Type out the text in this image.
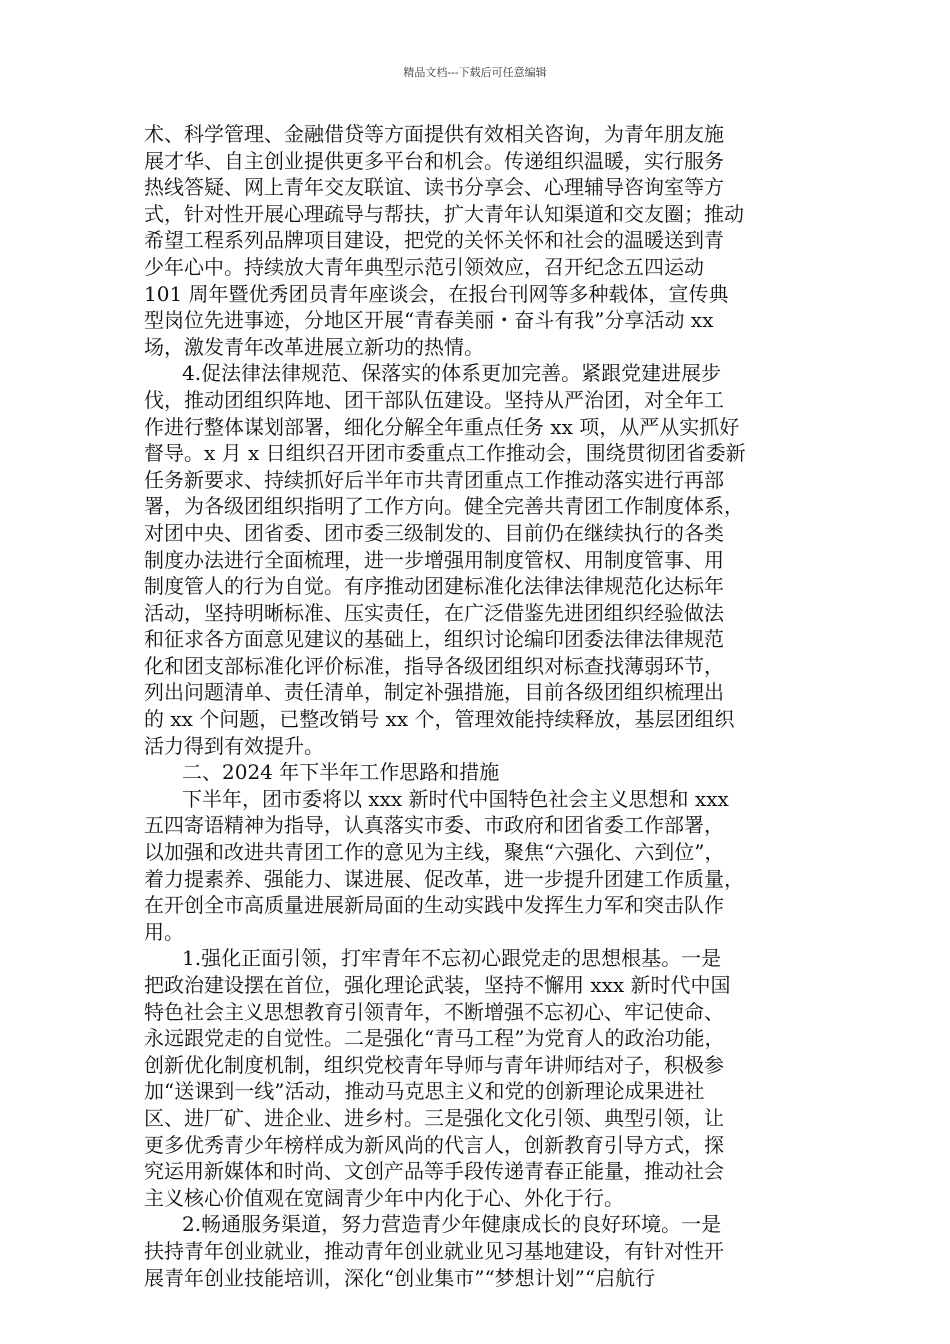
精品文档---下载后可任意编辑
术、科学管理、金融借贷等方面提供有效相关咨询，为青年朋友施
展才华、自主创业提供更多平台和机会。传递组织温暖，实行服务
热线答疑、网上青年交友联谊、读书分享会、心理辅导咨询室等方
式，针对性开展心理疏导与帮扶，扩大青年认知渠道和交友圈；推动
希望工程系列品牌项目建设，把党的关怀关怀和社会的温暖送到青
少年心中。持续放大青年典型示范引领效应，召开纪念五四运动
101 周年暨优秀团员青年座谈会，在报台刊网等多种载体，宣传典
型岗位先进事迹，分地区开展“青春美丽・奋斗有我”分享活动 xx
场，激发青年改革进展立新功的热情。
4.促法律法律规范、保落实的体系更加完善。紧跟党建进展步
伐，推动团组织阵地、团干部队伍建设。坚持从严治团，对全年工
作进行整体谋划部署，细化分解全年重点任务 xx 项，从严从实抓好
督导。x 月 x 日组织召开团市委重点工作推动会，围绕贯彻团省委新
任务新要求、持续抓好后半年市共青团重点工作推动落实进行再部
署，为各级团组织指明了工作方向。健全完善共青团工作制度体系，
对团中央、团省委、团市委三级制发的、目前仍在继续执行的各类
制度办法进行全面梳理，进一步增强用制度管权、用制度管事、用
制度管人的行为自觉。有序推动团建标准化法律法律规范化达标年
活动，坚持明晰标准、压实责任，在广泛借鉴先进团组织经验做法
和征求各方面意见建议的基础上，组织讨论编印团委法律法律规范
化和团支部标准化评价标准，指导各级团组织对标查找薄弱环节，
列出问题清单、责任清单，制定补强措施，目前各级团组织梳理出
的 xx 个问题，已整改销号 xx 个，管理效能持续释放，基层团组织
活力得到有效提升。
二、2024 年下半年工作思路和措施
下半年，团市委将以 xxx 新时代中国特色社会主义思想和 xxx
五四寄语精神为指导，认真落实市委、市政府和团省委工作部署，
以加强和改进共青团工作的意见为主线，聚焦“六强化、六到位”，
着力提素养、强能力、谋进展、促改革，进一步提升团建工作质量，
在开创全市高质量进展新局面的生动实践中发挥生力军和突击队作
用。
1.强化正面引领，打牢青年不忘初心跟党走的思想根基。一是
把政治建设摆在首位，强化理论武装，坚持不懈用 xxx 新时代中国
特色社会主义思想教育引领青年，不断增强不忘初心、牢记使命、
永远跟党走的自觉性。二是强化“青马工程”为党育人的政治功能，
创新优化制度机制，组织党校青年导师与青年讲师结对子，积极参
加“送课到一线”活动，推动马克思主义和党的创新理论成果进社
区、进厂矿、进企业、进乡村。三是强化文化引领、典型引领，让
更多优秀青少年榜样成为新风尚的代言人，创新教育引导方式，探
究运用新媒体和时尚、文创产品等手段传递青春正能量，推动社会
主义核心价值观在宽阔青少年中内化于心、外化于行。
2.畅通服务渠道，努力营造青少年健康成长的良好环境。一是
扶持青年创业就业，推动青年创业就业见习基地建设，有针对性开
展青年创业技能培训，深化“创业集市”“梦想计划”“启航行
